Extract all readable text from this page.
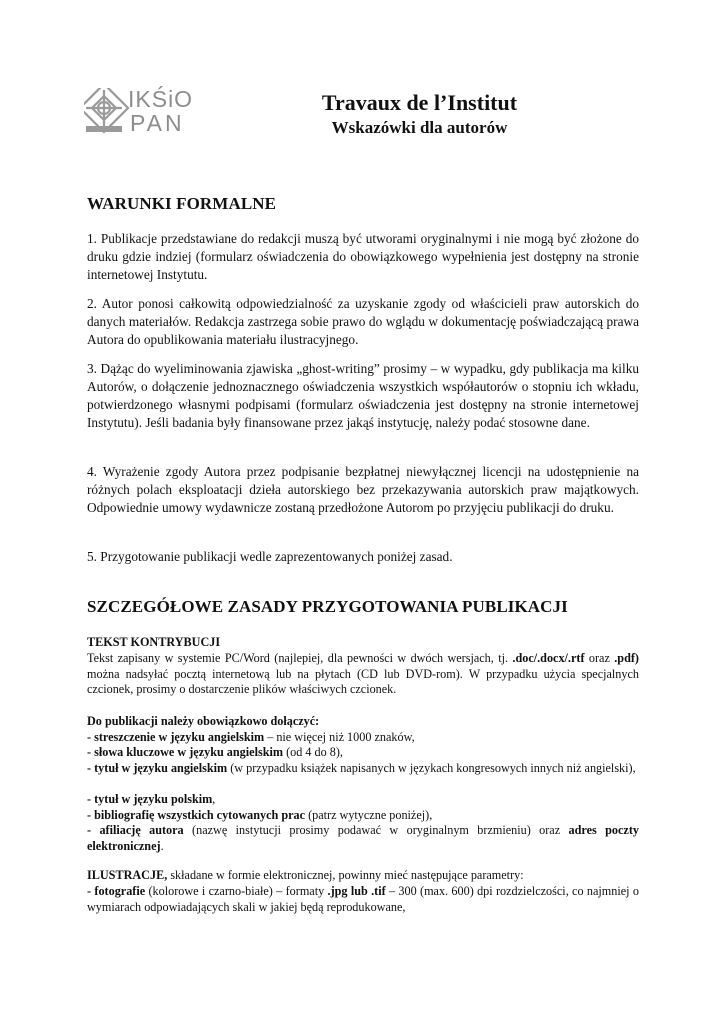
IKŚiO
PAN
Travaux de l’Institut
Wskazówki dla autorów
WARUNKI FORMALNE
1. Publikacje przedstawiane do redakcji muszą być utworami oryginalnymi i nie mogą być złożone do druku gdzie indziej (formularz oświadczenia do obowiązkowego wypełnienia jest dostępny na stronie internetowej Instytutu.
2. Autor ponosi całkowitą odpowiedzialność za uzyskanie zgody od właścicieli praw autorskich do danych materiałów. Redakcja zastrzega sobie prawo do wglądu w dokumentację poświadczającą prawa Autora do opublikowania materiału ilustracyjnego.
3. Dążąc do wyeliminowania zjawiska „ghost-writing” prosimy – w wypadku, gdy publikacja ma kilku Autorów, o dołączenie jednoznacznego oświadczenia wszystkich współautorów o stopniu ich wkładu, potwierdzonego własnymi podpisami (formularz oświadczenia jest dostępny na stronie internetowej Instytutu). Jeśli badania były finansowane przez jakąś instytucję, należy podać stosowne dane.
4. Wyrażenie zgody Autora przez podpisanie bezpłatnej niewyłącznej licencji na udostępnienie na różnych polach eksploatacji dzieła autorskiego bez przekazywania autorskich praw majątkowych. Odpowiednie umowy wydawnicze zostaną przedłożone Autorom po przyjęciu publikacji do druku.
5. Przygotowanie publikacji wedle zaprezentowanych poniżej zasad.
SZCZEGÓŁOWE ZASADY PRZYGOTOWANIA PUBLIKACJI
TEKST KONTRYBUCJI
Tekst zapisany w systemie PC/Word (najlepiej, dla pewności w dwóch wersjach, tj. .doc/.docx/.rtf oraz .pdf) można nadsyłać pocztą internetową lub na płytach (CD lub DVD-rom). W przypadku użycia specjalnych czcionek, prosimy o dostarczenie plików właściwych czcionek.
Do publikacji należy obowiązkowo dołączyć:
- streszczenie w języku angielskim – nie więcej niż 1000 znaków,
- słowa kluczowe w języku angielskim (od 4 do 8),
- tytuł w języku angielskim (w przypadku książek napisanych w językach kongresowych innych niż angielski),
- tytuł w języku polskim,
- bibliografię wszystkich cytowanych prac (patrz wytyczne poniżej),
- afiliację autora (nazwę instytucji prosimy podawać w oryginalnym brzmieniu) oraz adres poczty elektronicznej.
ILUSTRACJE, składane w formie elektronicznej, powinny mieć następujące parametry:
- fotografie (kolorowe i czarno-białe) – formaty .jpg lub .tif – 300 (max. 600) dpi rozdzielczości, co najmniej o wymiarach odpowiadających skali w jakiej będą reprodukowane,
